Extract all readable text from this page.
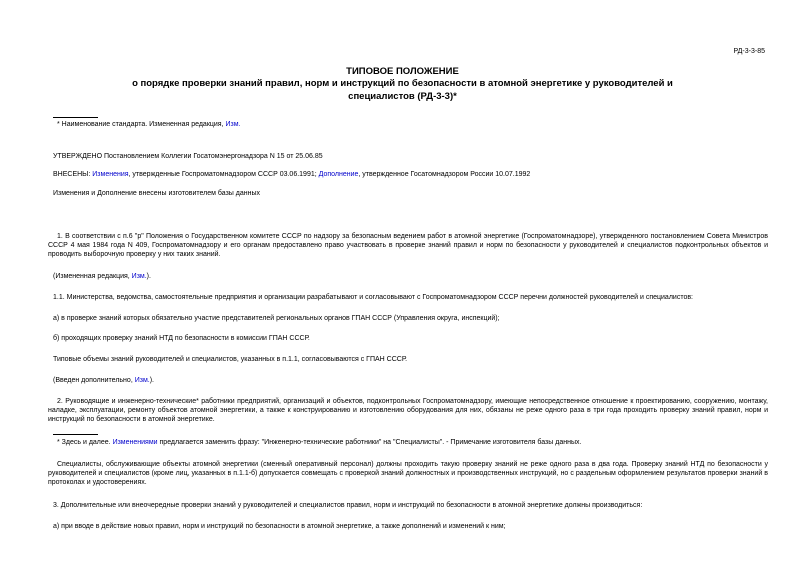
РД-3-3-85
ТИПОВОЕ ПОЛОЖЕНИЕ
о порядке проверки знаний правил, норм и инструкций по безопасности в атомной энергетике у руководителей и
специалистов (РД-3-3)*

* Наименование стандарта. Измененная редакция, Изм.

УТВЕРЖДЕНО Постановлением Коллегии Госатомэнергонадзора N 15 от 25.06.85

ВНЕСЕНЫ: Изменения, утвержденные Госпроматомнадзором СССР 03.06.1991; Дополнение, утвержденное Госатомнадзором России 10.07.1992

Изменения и Дополнение внесены изготовителем базы данных

1. В соответствии с п.6 "р" Положения о Государственном комитете СССР по надзору за безопасным ведением работ в атомной энергетике (Госпроматомнадзоре), утвержденного постановлением Совета Министров СССР 4 мая 1984 года N 409, Госпроматомнадзору и его органам предоставлено право участвовать в проверке знаний правил и норм по безопасности у руководителей и специалистов подконтрольных объектов и проводить выборочную проверку у них таких знаний.

(Измененная редакция, Изм.).

1.1. Министерства, ведомства, самостоятельные предприятия и организации разрабатывают и согласовывают с Госпроматомнадзором СССР перечни должностей руководителей и специалистов:

а) в проверке знаний которых обязательно участие представителей региональных органов ГПАН СССР (Управления округа, инспекций);

б) проходящих проверку знаний НТД по безопасности в комиссии ГПАН СССР.

Типовые объемы знаний руководителей и специалистов, указанных в п.1.1, согласовываются с ГПАН СССР.

(Введен дополнительно, Изм.).

2. Руководящие и инженерно-технические* работники предприятий, организаций и объектов, подконтрольных Госпроматомнадзору, имеющие непосредственное отношение к проектированию, сооружению, монтажу, наладке, эксплуатации, ремонту объектов атомной энергетики, а также к конструированию и изготовлению оборудования для них, обязаны не реже одного раза в три года проходить проверку знаний правил, норм и инструкций по безопасности в атомной энергетике.

* Здесь и далее. Изменениями предлагается заменить фразу: "Инженерно-технические работники" на "Специалисты". - Примечание изготовителя базы данных.

Специалисты, обслуживающие объекты атомной энергетики (сменный оперативный персонал) должны проходить такую проверку знаний не реже одного раза в два года. Проверку знаний НТД по безопасности у руководителей и специалистов (кроме лиц, указанных в п.1.1-б) допускается совмещать с проверкой знаний должностных и производственных инструкций, но с раздельным оформлением результатов проверки знаний в протоколах и удостоверениях.

3. Дополнительные или внеочередные проверки знаний у руководителей и специалистов правил, норм и инструкций по безопасности в атомной энергетике должны производиться:

а) при вводе в действие новых правил, норм и инструкций по безопасности в атомной энергетике, а также дополнений и изменений к ним;
